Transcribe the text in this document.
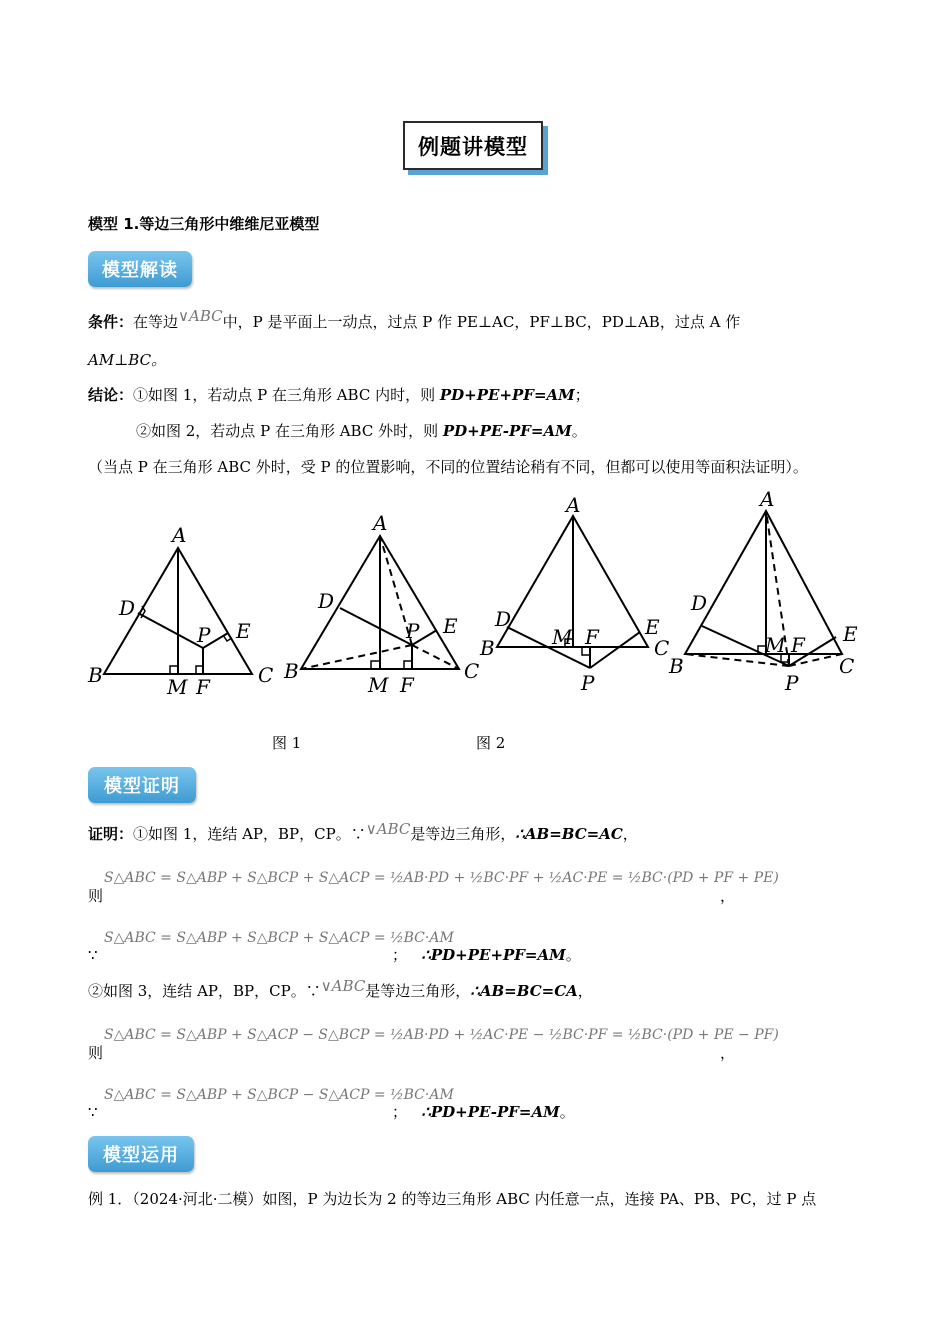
例题讲模型
模型 1.等边三角形中维维尼亚模型
模型解读
条件：在等边∨ABC中，P 是平面上一动点，过点 P 作 PE⊥AC，PF⊥BC，PD⊥AB，过点 A 作
AM⊥BC。
结论：①如图 1，若动点 P 在三角形 ABC 内时，则 PD+PE+PF=AM；
②如图 2，若动点 P 在三角形 ABC 外时，则 PD+PE-PF=AM。
（当点 P 在三角形 ABC 外时，受 P 的位置影响，不同的位置结论稍有不同，但都可以使用等面积法证明）。
A
D
E
P
B	C
M F
A
D
E
P
B	C
M F
A
D	E
B	C
M F
P
A
D
E
B	C
M F
P
图 1	图 2
模型证明
证明：①如图 1，连结 AP，BP，CP。∵∨ABC是等边三角形，∴AB=BC=AC，
则
S△ABC = S△ABP + S△BCP + S△ACP = ½AB·PD + ½BC·PF + ½AC·PE = ½BC·(PD + PF + PE)
，
∵
S△ABC = S△ABP + S△BCP + S△ACP = ½BC·AM
； ∴PD+PE+PF=AM。
②如图 3，连结 AP，BP，CP。∵∨ABC是等边三角形，∴AB=BC=CA，
则
S△ABC = S△ABP + S△ACP − S△BCP = ½AB·PD + ½AC·PE − ½BC·PF = ½BC·(PD + PE − PF)
，
∵
S△ABC = S△ABP + S△BCP − S△ACP = ½BC·AM
； ∴PD+PE-PF=AM。
模型运用
例 1．（2024·河北·二模）如图，P 为边长为 2 的等边三角形 ABC 内任意一点，连接 PA、PB、PC，过 P 点
